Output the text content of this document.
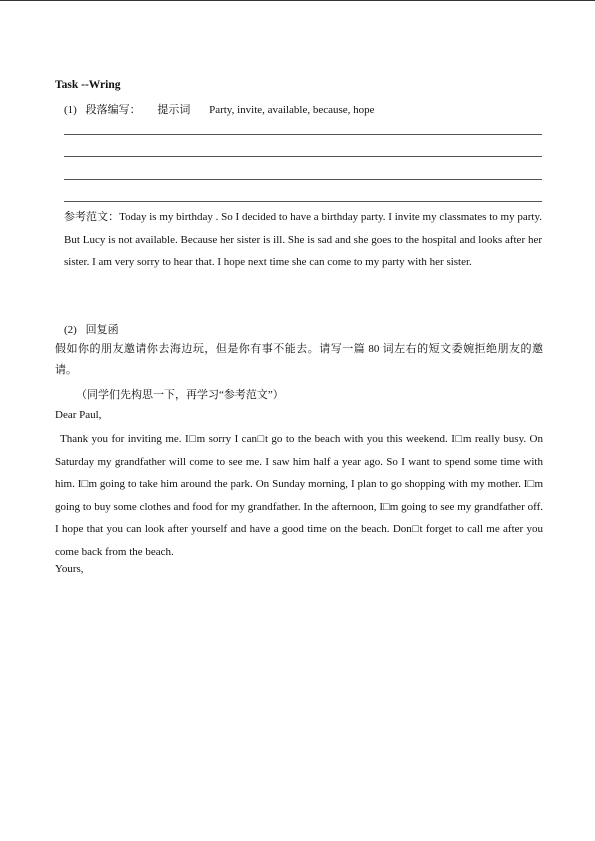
Task --Wring
(1) 段落编写： 提示词 Party, invite, available, because, hope
参考范文：Today is my birthday . So I decided to have a birthday party. I invite my classmates to my party. But Lucy is not available. Because her sister is ill. She is sad and she goes to the hospital and looks after her sister. I am very sorry to hear that. I hope next time she can come to my party with her sister.
(2) 回复函
假如你的朋友邀请你去海边玩，但是你有事不能去。请写一篇 80 词左右的短文委婉拒绝朋友的邀请。
（同学们先构思一下，再学习“参考范文”）
Dear Paul,
Thank you for inviting me. I□m sorry I can□t go to the beach with you this weekend. I□m really busy. On Saturday my grandfather will come to see me. I saw him half a year ago. So I want to spend some time with him. I□m going to take him around the park. On Sunday morning, I plan to go shopping with my mother. I□m going to buy some clothes and food for my grandfather. In the afternoon, I□m going to see my grandfather off. I hope that you can look after yourself and have a good time on the beach. Don□t forget to call me after you come back from the beach.
Yours,
